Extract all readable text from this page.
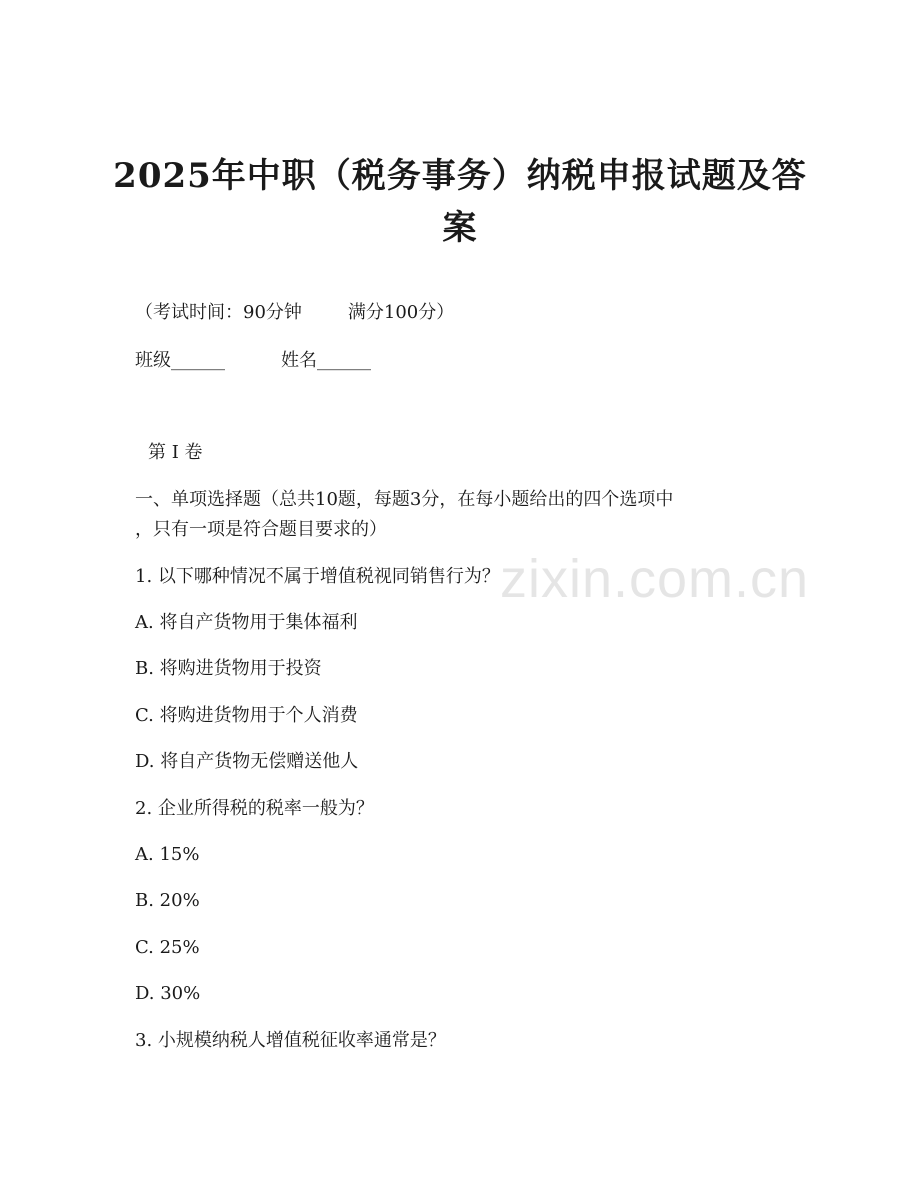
2025年中职（税务事务）纳税申报试题及答
案
（考试时间：90分钟	满分100分）
班级______	姓名______
第 I 卷
一、单项选择题（总共10题，每题3分，在每小题给出的四个选项中
，只有一项是符合题目要求的）
1. 以下哪种情况不属于增值税视同销售行为？
A. 将自产货物用于集体福利
B. 将购进货物用于投资
C. 将购进货物用于个人消费
D. 将自产货物无偿赠送他人
2. 企业所得税的税率一般为？
A. 15%
B. 20%
C. 25%
D. 30%
3. 小规模纳税人增值税征收率通常是？
zixin.com.cn
